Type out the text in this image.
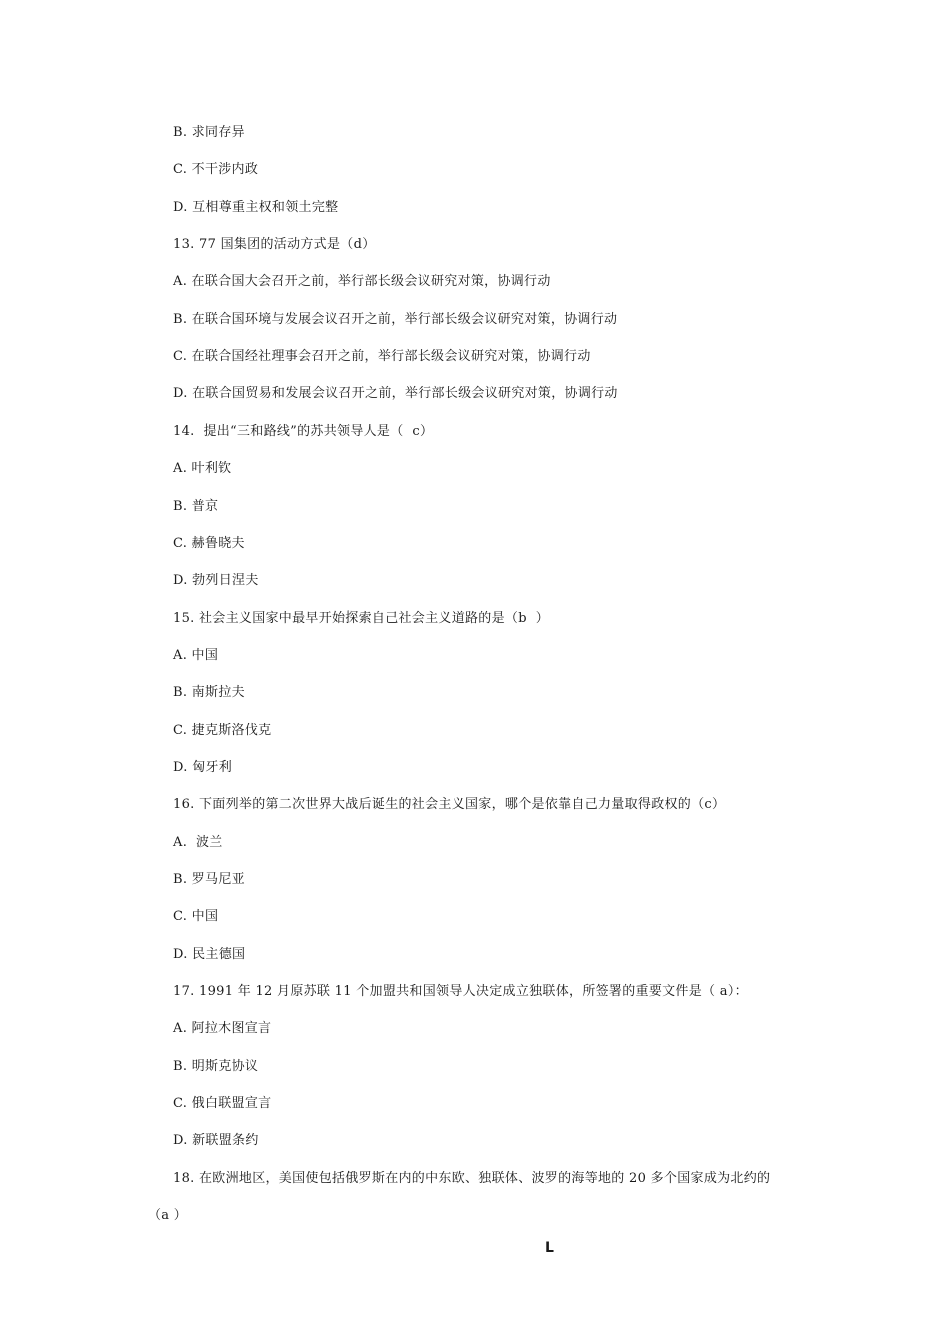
B. 求同存异
C. 不干涉内政
D. 互相尊重主权和领土完整
13. 77 国集团的活动方式是（d）
A. 在联合国大会召开之前，举行部长级会议研究对策，协调行动
B. 在联合国环境与发展会议召开之前，举行部长级会议研究对策，协调行动
C. 在联合国经社理事会召开之前，举行部长级会议研究对策，协调行动
D. 在联合国贸易和发展会议召开之前，举行部长级会议研究对策，协调行动
14.  提出“三和路线”的苏共领导人是（  c）
A. 叶利钦
B. 普京
C. 赫鲁晓夫
D. 勃列日涅夫
15. 社会主义国家中最早开始探索自己社会主义道路的是（b  ）
A. 中国
B. 南斯拉夫
C. 捷克斯洛伐克
D. 匈牙利
16. 下面列举的第二次世界大战后诞生的社会主义国家，哪个是依靠自己力量取得政权的（c）
A.  波兰
B. 罗马尼亚
C. 中国
D. 民主德国
17. 1991 年 12 月原苏联 11 个加盟共和国领导人决定成立独联体，所签署的重要文件是（ a）：
A. 阿拉木图宣言
B. 明斯克协议
C. 俄白联盟宣言
D. 新联盟条约
18. 在欧洲地区，美国使包括俄罗斯在内的中东欧、独联体、波罗的海等地的 20 多个国家成为北约的
（a ）
L
